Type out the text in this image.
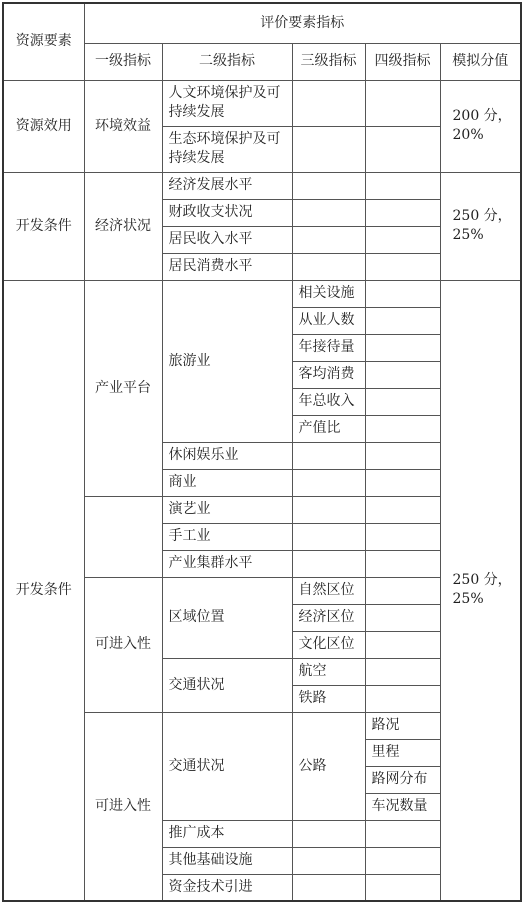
资源要素	评价要素指标				
	一级指标	二级指标	三级指标	四级指标	模拟分值
资源效用	环境效益	人文环境保护及可持续发展			200 分，20%
		生态环境保护及可持续发展			
开发条件	经济状况	经济发展水平			250 分，25%
		财政收支状况			
		居民收入水平			
		居民消费水平			
开发条件	产业平台	旅游业	相关设施		250 分，25%
			从业人数		
			年接待量		
			客均消费		
			年总收入		
			产值比		
		休闲娱乐业			
		商业			
		演艺业			
		手工业			
		产业集群水平			
	可进入性	区域位置	自然区位		
			经济区位		
			文化区位		
		交通状况	航空		
			铁路		
	可进入性	交通状况	公路	路况	
				里程	
				路网分布	
				车况数量	
		推广成本			
		其他基础设施			
		资金技术引进			
